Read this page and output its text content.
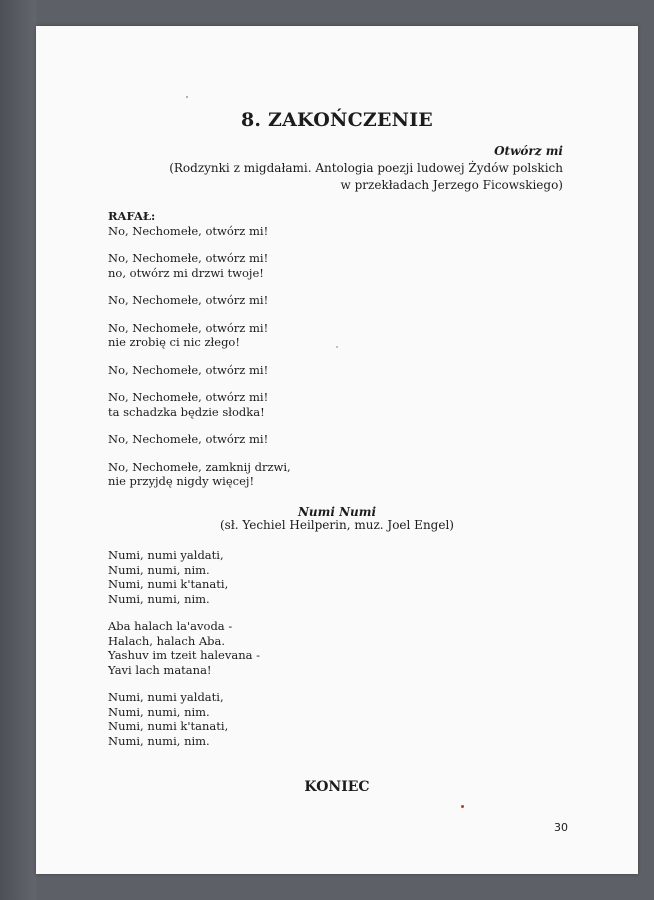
8. ZAKOŃCZENIE
Otwórz mi
(Rodzynki z migdałami. Antologia poezji ludowej Żydów polskich
w przekładach Jerzego Ficowskiego)
RAFAŁ:
No, Nechomełe, otwórz mi!
No, Nechomełe, otwórz mi!
no, otwórz mi drzwi twoje!
No, Nechomełe, otwórz mi!
No, Nechomełe, otwórz mi!
nie zrobię ci nic złego!
No, Nechomełe, otwórz mi!
No, Nechomełe, otwórz mi!
ta schadzka będzie słodka!
No, Nechomełe, otwórz mi!
No, Nechomełe, zamknij drzwi,
nie przyjdę nigdy więcej!
Numi Numi
(sł. Yechiel Heilperin, muz. Joel Engel)
Numi, numi yaldati,
Numi, numi, nim.
Numi, numi k'tanati,
Numi, numi, nim.
Aba halach la'avoda -
Halach, halach Aba.
Yashuv im tzeit halevana -
Yavi lach matana!
Numi, numi yaldati,
Numi, numi, nim.
Numi, numi k'tanati,
Numi, numi, nim.
KONIEC
30
